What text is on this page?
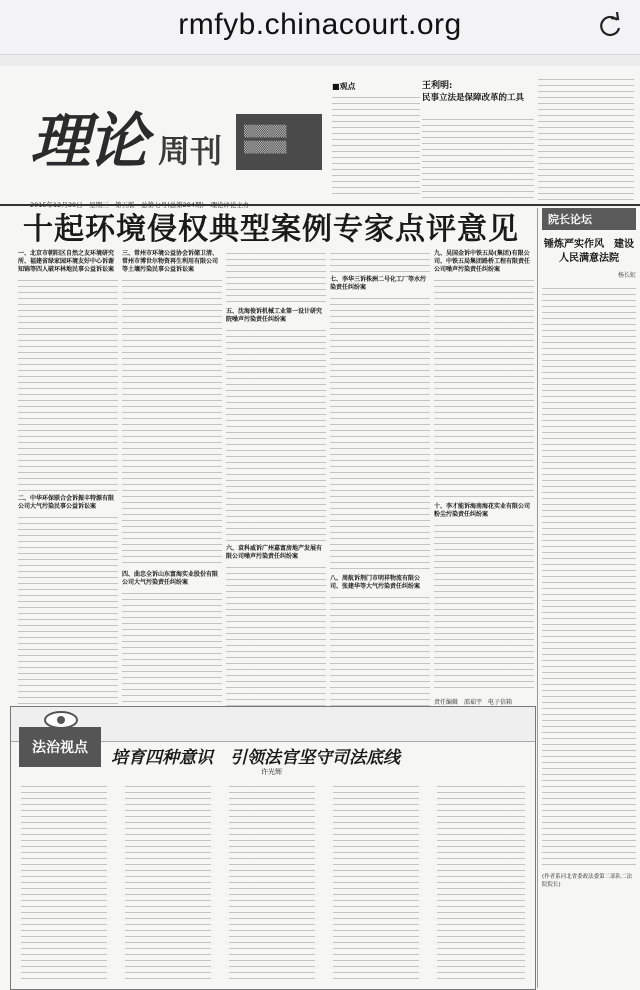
rmfyb.chinacourt.org
理论 周刊
▒▒▒▒▒
▒▒▒▒▒
■观点	王利明:
民事立法是保障改革的工具
十起环境侵权典型案例专家点评意见
一、北京市朝阳区自然之友环境研究所、福建省绿家园环境友好中心诉谢知锦等四人破坏林地民事公益诉讼案
二、中华环保联合会诉振丰特源有限公司大气污染民事公益诉讼案
三、常州市环境公益协会诉储卫清、常州市博世尔物资再生利用有限公司等土壤污染民事公益诉讼案
四、曲忠全诉山东富海实业股份有限公司大气污染责任纠纷案
五、沈海俊诉机械工业第一设计研究院噪声污染责任纠纷案
六、袁科威诉广州嘉富房地产发展有限公司噪声污染责任纠纷案
七、李华三诉株洲二号化工厂等水污染责任纠纷案
八、周航诉荆门市明祥物流有限公司、张建华等大气污染责任纠纷案
九、吴国金诉中铁五局(集团)有限公司、中铁五局集团路桥工程有限责任公司噪声污染责任纠纷案
十、李才能诉海南海花实业有限公司粉尘污染责任纠纷案
责任编辑　邵茹宇　电子信箱　
院长论坛
锤炼严实作风　建设人民满意法院
杨长虹
(作者系河北省委政法委第二部队二法院院长)
法治视点	培育四种意识　引领法官坚守司法底线
许光辉
